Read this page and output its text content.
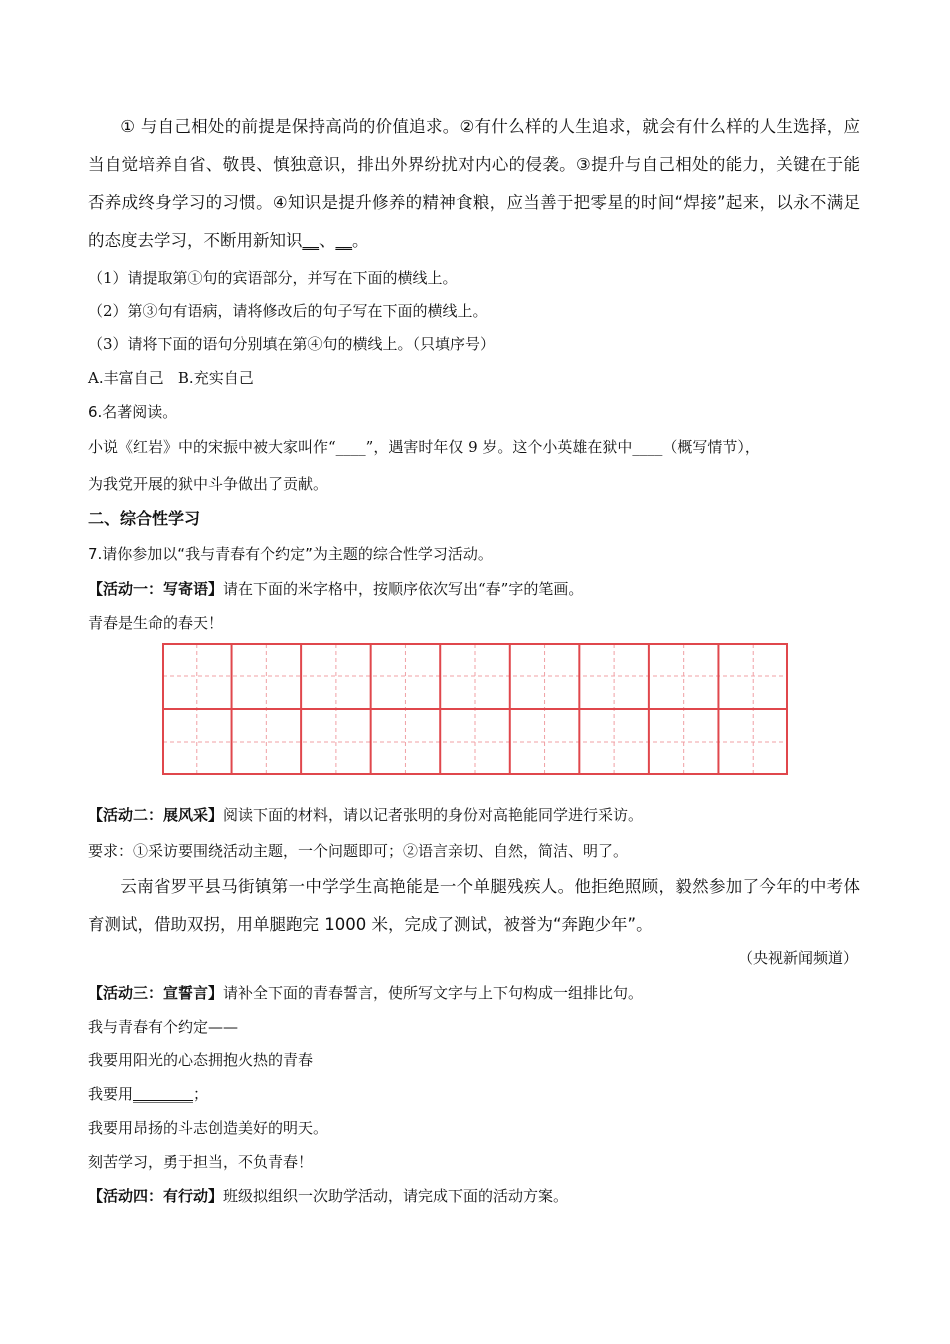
① 与自己相处的前提是保持高尚的价值追求。②有什么样的人生追求，就会有什么样的人生选择，应当自觉培养自省、敬畏、慎独意识，排出外界纷扰对内心的侵袭。③提升与自己相处的能力，关键在于能否养成终身学习的习惯。④知识是提升修养的精神食粮，应当善于把零星的时间“焊接”起来，以永不满足的态度去学习，不断用新知识__、__。

（1）请提取第①句的宾语部分，并写在下面的横线上。
（2）第③句有语病，请将修改后的句子写在下面的横线上。
（3）请将下面的语句分别填在第④句的横线上。（只填序号）
A.丰富自己   B.充实自己
6.名著阅读。
小说《红岩》中的宋振中被大家叫作“____”，遇害时年仅 9 岁。这个小英雄在狱中____（概写情节），
为我党开展的狱中斗争做出了贡献。
二、综合性学习
7.请你参加以“我与青春有个约定”为主题的综合性学习活动。
【活动一：写寄语】请在下面的米字格中，按顺序依次写出“春”字的笔画。
青春是生命的春天！
【活动二：展风采】阅读下面的材料，请以记者张明的身份对高艳能同学进行采访。
要求：①采访要围绕活动主题，一个问题即可；②语言亲切、自然，简洁、明了。

云南省罗平县马街镇第一中学学生高艳能是一个单腿残疾人。他拒绝照顾，毅然参加了今年的中考体育测试，借助双拐，用单腿跑完 1000 米，完成了测试，被誉为“奔跑少年”。

（央视新闻频道）
【活动三：宣誓言】请补全下面的青春誓言，使所写文字与上下句构成一组排比句。
我与青春有个约定——
我要用阳光的心态拥抱火热的青春
我要用________；
我要用昂扬的斗志创造美好的明天。
刻苦学习，勇于担当，不负青春！
【活动四：有行动】班级拟组织一次助学活动，请完成下面的活动方案。
